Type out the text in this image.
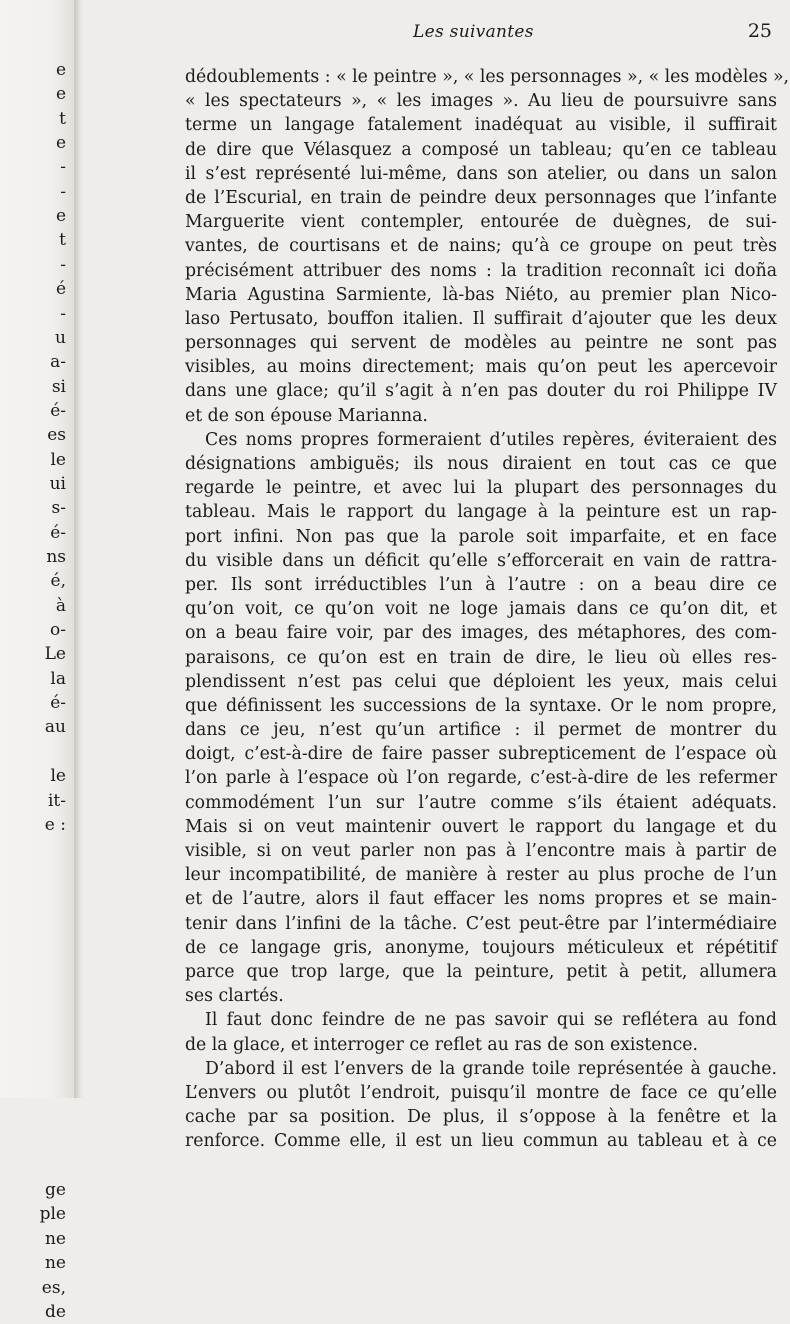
e
e
t
e
-
-
e
t
-
é
-
u
a-
si
é-
es
le
ui
s-
é-
ns
é,
à
o-
Le
la
é-
au
le
it-
e :
ge
ple
ne
ne
es,
de
Les suivantes	25
dédoublements : « le peintre », « les personnages », « les modèles »,
« les spectateurs », « les images ». Au lieu de poursuivre sans
terme un langage fatalement inadéquat au visible, il suffirait
de dire que Vélasquez a composé un tableau; qu’en ce tableau
il s’est représenté lui-même, dans son atelier, ou dans un salon
de l’Escurial, en train de peindre deux personnages que l’infante
Marguerite vient contempler, entourée de duègnes, de sui-
vantes, de courtisans et de nains; qu’à ce groupe on peut très
précisément attribuer des noms : la tradition reconnaît ici doña
Maria Agustina Sarmiente, là-bas Niéto, au premier plan Nico-
laso Pertusato, bouffon italien. Il suffirait d’ajouter que les deux
personnages qui servent de modèles au peintre ne sont pas
visibles, au moins directement; mais qu’on peut les apercevoir
dans une glace; qu’il s’agit à n’en pas douter du roi Philippe IV
et de son épouse Marianna.
Ces noms propres formeraient d’utiles repères, éviteraient des
désignations ambiguës; ils nous diraient en tout cas ce que
regarde le peintre, et avec lui la plupart des personnages du
tableau. Mais le rapport du langage à la peinture est un rap-
port infini. Non pas que la parole soit imparfaite, et en face
du visible dans un déficit qu’elle s’efforcerait en vain de rattra-
per. Ils sont irréductibles l’un à l’autre : on a beau dire ce
qu’on voit, ce qu’on voit ne loge jamais dans ce qu’on dit, et
on a beau faire voir, par des images, des métaphores, des com-
paraisons, ce qu’on est en train de dire, le lieu où elles res-
plendissent n’est pas celui que déploient les yeux, mais celui
que définissent les successions de la syntaxe. Or le nom propre,
dans ce jeu, n’est qu’un artifice : il permet de montrer du
doigt, c’est-à-dire de faire passer subrepticement de l’espace où
l’on parle à l’espace où l’on regarde, c’est-à-dire de les refermer
commodément l’un sur l’autre comme s’ils étaient adéquats.
Mais si on veut maintenir ouvert le rapport du langage et du
visible, si on veut parler non pas à l’encontre mais à partir de
leur incompatibilité, de manière à rester au plus proche de l’un
et de l’autre, alors il faut effacer les noms propres et se main-
tenir dans l’infini de la tâche. C’est peut-être par l’intermédiaire
de ce langage gris, anonyme, toujours méticuleux et répétitif
parce que trop large, que la peinture, petit à petit, allumera
ses clartés.
Il faut donc feindre de ne pas savoir qui se reflétera au fond
de la glace, et interroger ce reflet au ras de son existence.
D’abord il est l’envers de la grande toile représentée à gauche.
L’envers ou plutôt l’endroit, puisqu’il montre de face ce qu’elle
cache par sa position. De plus, il s’oppose à la fenêtre et la
renforce. Comme elle, il est un lieu commun au tableau et à ce
